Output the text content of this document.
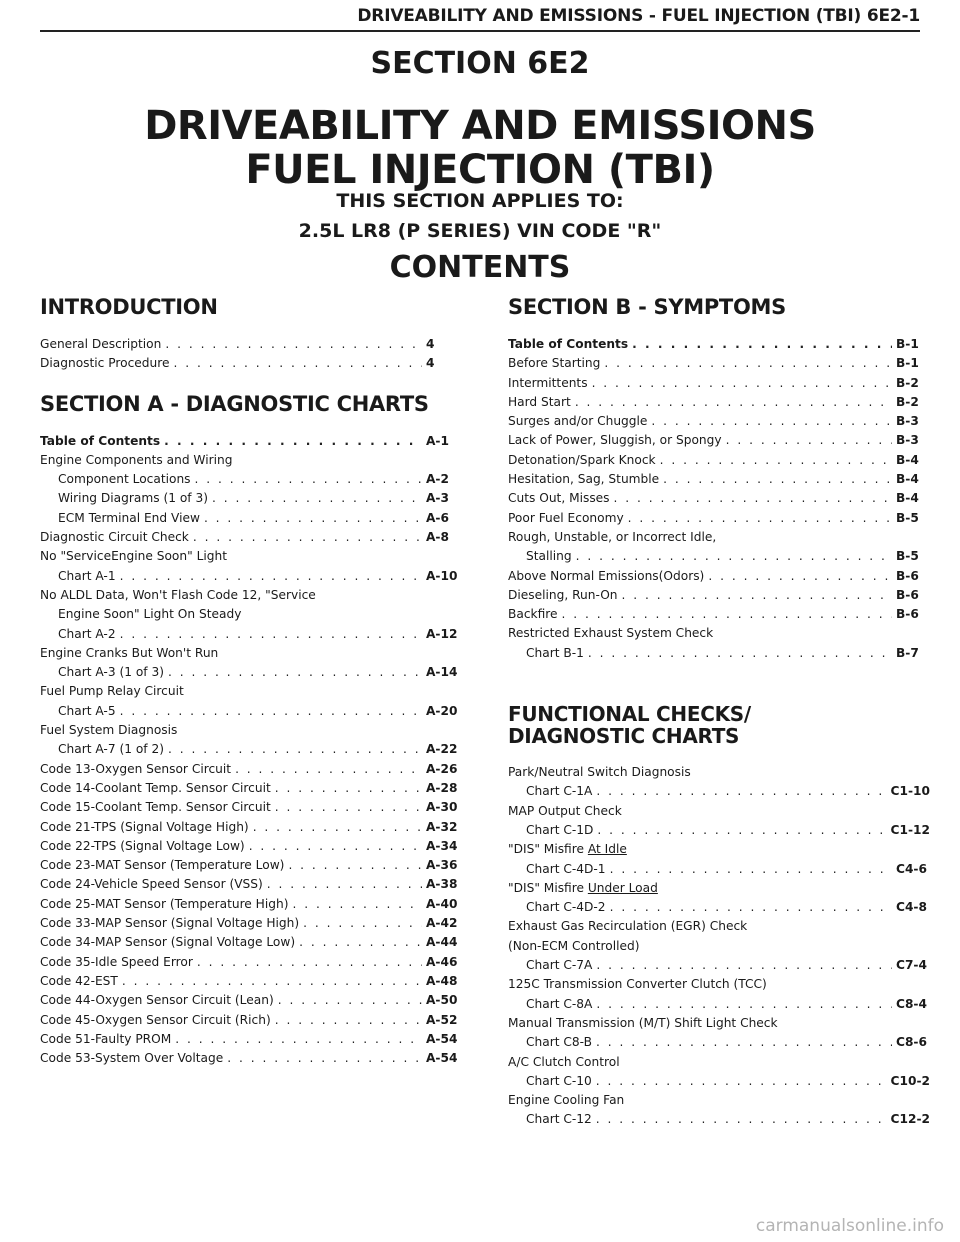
DRIVEABILITY AND EMISSIONS - FUEL INJECTION (TBI) 6E2-1
SECTION 6E2
DRIVEABILITY AND EMISSIONS
FUEL INJECTION (TBI)
THIS SECTION APPLIES TO:
2.5L LR8 (P SERIES) VIN CODE "R"
CONTENTS
INTRODUCTION
General Description . . .	4
Diagnostic Procedure . . .	4
SECTION A - DIAGNOSTIC CHARTS
Table of Contents . . .	A-1
Engine Components and Wiring
Component Locations . . .	A-2
Wiring Diagrams (1 of 3) . . .	A-3
ECM Terminal End View . . .	A-6
Diagnostic Circuit Check . . .	A-8
No "ServiceEngine Soon" Light
Chart A-1 . . .	A-10
No ALDL Data, Won't Flash Code 12, "Service
Engine Soon" Light On Steady
Chart A-2 . . .	A-12
Engine Cranks But Won't Run
Chart A-3 (1 of 3) . . .	A-14
Fuel Pump Relay Circuit
Chart A-5 . . .	A-20
Fuel System Diagnosis
Chart A-7 (1 of 2) . . .	A-22
Code 13-Oxygen Sensor Circuit . . .	A-26
Code 14-Coolant Temp. Sensor Circuit . . .	A-28
Code 15-Coolant Temp. Sensor Circuit . . .	A-30
Code 21-TPS (Signal Voltage High) . . .	A-32
Code 22-TPS (Signal Voltage Low) . . .	A-34
Code 23-MAT Sensor (Temperature Low) . . .	A-36
Code 24-Vehicle Speed Sensor (VSS) . . .	A-38
Code 25-MAT Sensor (Temperature High) . . .	A-40
Code 33-MAP Sensor (Signal Voltage High) . . .	A-42
Code 34-MAP Sensor (Signal Voltage Low) . . .	A-44
Code 35-Idle Speed Error . . .	A-46
Code 42-EST . . .	A-48
Code 44-Oxygen Sensor Circuit (Lean) . . .	A-50
Code 45-Oxygen Sensor Circuit (Rich) . . .	A-52
Code 51-Faulty PROM . . .	A-54
Code 53-System Over Voltage . . .	A-54
SECTION B - SYMPTOMS
Table of Contents . . .	B-1
Before Starting . . .	B-1
Intermittents . . .	B-2
Hard Start . . .	B-2
Surges and/or Chuggle . . .	B-3
Lack of Power, Sluggish, or Spongy . . .	B-3
Detonation/Spark Knock . . .	B-4
Hesitation, Sag, Stumble . . .	B-4
Cuts Out, Misses . . .	B-4
Poor Fuel Economy . . .	B-5
Rough, Unstable, or Incorrect Idle,
Stalling . . .	B-5
Above Normal Emissions(Odors) . . .	B-6
Dieseling, Run-On . . .	B-6
Backfire . . .	B-6
Restricted Exhaust System Check
Chart B-1 . . .	B-7
FUNCTIONAL CHECKS/
DIAGNOSTIC CHARTS
Park/Neutral Switch Diagnosis
Chart C-1A . . .	C1-10
MAP Output Check
Chart C-1D . . .	C1-12
"DIS" Misfire At Idle
Chart C-4D-1 . . .	C4-6
"DIS" Misfire Under Load
Chart C-4D-2 . . .	C4-8
Exhaust Gas Recirculation (EGR) Check
(Non-ECM Controlled)
Chart C-7A . . .	C7-4
125C Transmission Converter Clutch (TCC)
Chart C-8A . . .	C8-4
Manual Transmission (M/T) Shift Light Check
Chart C8-B . . .	C8-6
A/C Clutch Control
Chart C-10 . . .	C10-2
Engine Cooling Fan
Chart C-12 . . .	C12-2
carmanualsonline.info
